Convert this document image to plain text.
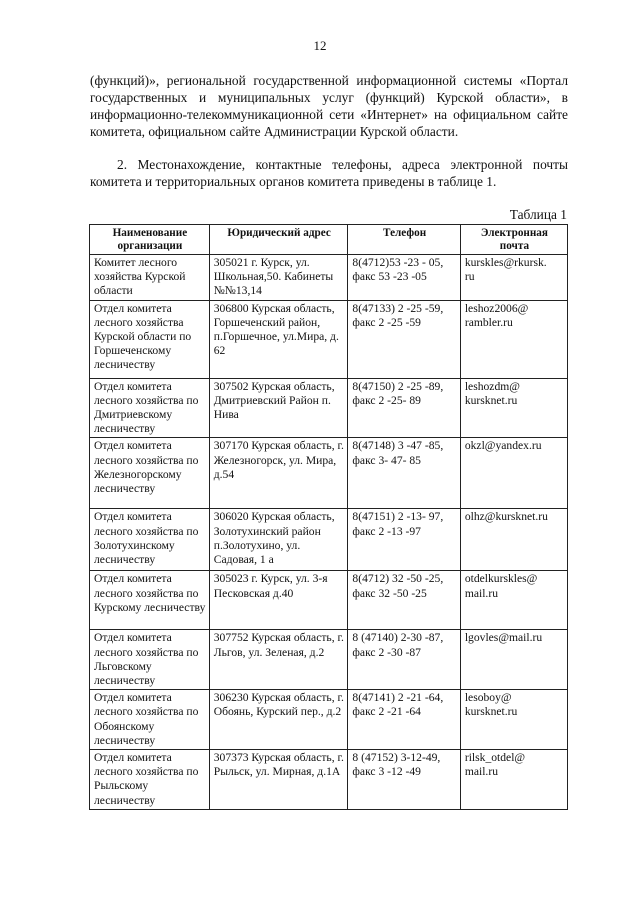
12

(функций)», региональной государственной информационной системы «Портал государственных и муниципальных услуг (функций) Курской области», в информационно-телекоммуникационной сети «Интернет» на официальном сайте комитета, официальном сайте Администрации Курской области.

2. Местонахождение, контактные телефоны, адреса электронной почты комитета и территориальных органов комитета приведены в таблице 1.

Таблица 1
Наименование организации	Юридический адрес	Телефон	Электронная почта
Комитет лесного хозяйства Курской области	305021 г. Курск, ул. Школьная,50. Кабинеты №№13,14	8(4712)53 -23 - 05, факс 53 -23 -05	kurskles@rkursk.
ru
Отдел комитета лесного хозяйства Курской области по Горшеченскому лесничеству	306800 Курская область, Горшеченский район, п.Горшечное, ул.Мира, д. 62	8(47133) 2 -25 -59, факс 2 -25 -59	leshoz2006@
rambler.ru
Отдел комитета лесного хозяйства по Дмитриевскому лесничеству	307502 Курская область, Дмитриевский Район п. Нива	8(47150) 2 -25 -89, факс 2 -25- 89	leshozdm@
kursknet.ru
Отдел комитета лесного хозяйства по Железногорскому лесничеству	307170 Курская область, г. Железногорск, ул. Мира, д.54	8(47148) 3 -47 -85, факс 3- 47- 85	okzl@yandex.ru
Отдел комитета лесного хозяйства по Золотухинскому лесничеству	306020 Курская область, Золотухинский район п.Золотухино, ул. Садовая, 1 а	8(47151) 2 -13- 97, факс 2 -13 -97	olhz@kursknet.ru
Отдел комитета лесного хозяйства по Курскому лесничеству	305023 г. Курск, ул. 3-я Песковская д.40	8(4712) 32 -50 -25, факс 32 -50 -25	otdelkurskles@
mail.ru
Отдел комитета лесного хозяйства по Льговскому лесничеству	307752 Курская область, г. Льгов, ул. Зеленая, д.2	8 (47140) 2-30 -87, факс 2 -30 -87	lgovles@mail.ru
Отдел комитета лесного хозяйства по Обоянскому лесничеству	306230 Курская область, г. Обоянь, Курский пер., д.2	8(47141) 2 -21 -64, факс 2 -21 -64	lesoboy@
kursknet.ru
Отдел комитета лесного хозяйства по Рыльскому лесничеству	307373 Курская область, г. Рыльск, ул. Мирная, д.1А	8 (47152) 3-12-49, факс 3 -12 -49	rilsk_otdel@
mail.ru
